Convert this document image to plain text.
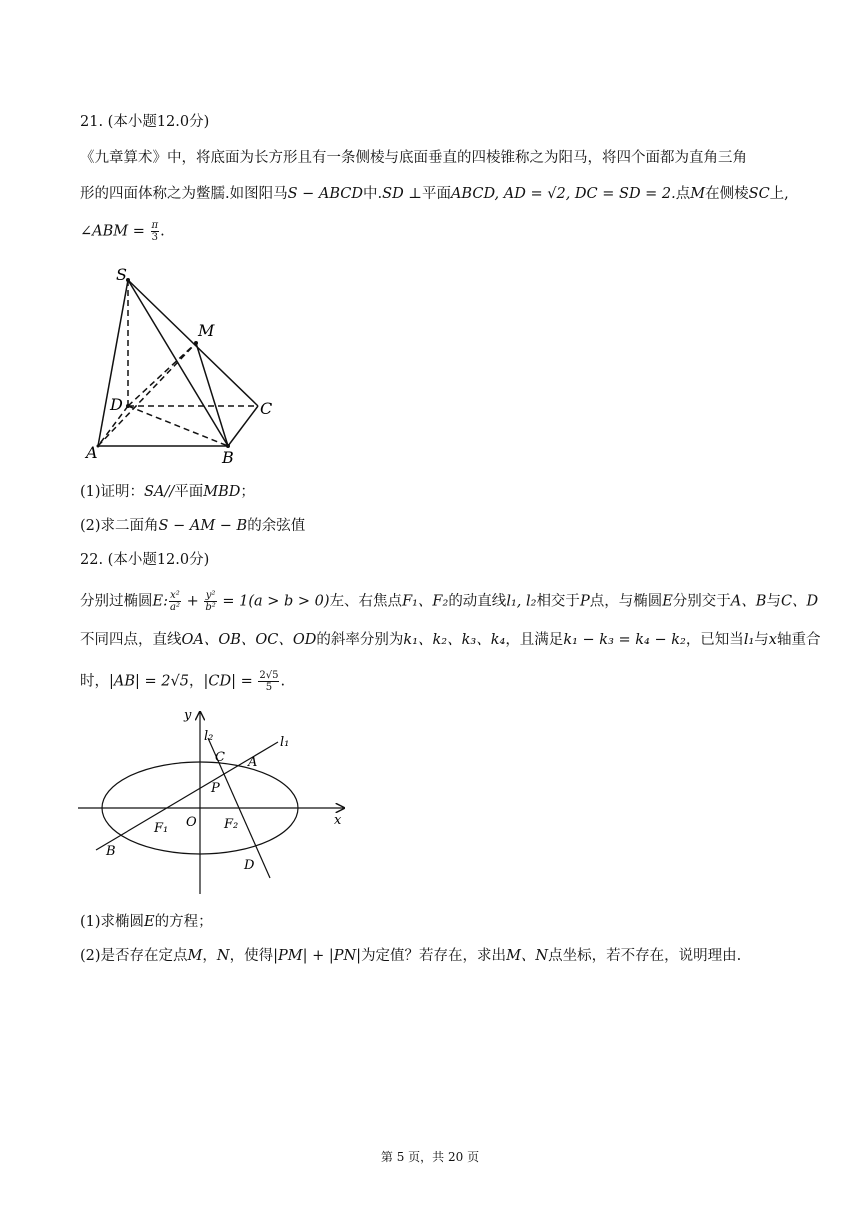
21. (本小题12.0分)
《九章算术》中，将底面为长方形且有一条侧棱与底面垂直的四棱锥称之为阳马，将四个面都为直角三角
形的四面体称之为鳖臑.如图阳马S − ABCD中.SD ⊥平面ABCD, AD = √2, DC = SD = 2.点M在侧棱SC上,
∠ABM = $\frac{\pi}{3}$ .
S
M
D	C
A	B
(1)证明：SA//平面MBD；
(2)求二面角S − AM − B的余弦值
22. (本小题12.0分)
分别过椭圆E: $\frac{\text{x²}}{\text{a²}} + \frac{\text{y²}}{\text{b²}} = 1(a > b > 0)$左、右焦点F₁、F₂的动直线l₁, l₂相交于P点，与椭圆E分别交于A、B与C、D
不同四点，直线OA、OB、OC、OD的斜率分别为k₁、k₂、k₃、k₄，且满足k₁ − k₃ = k₄ − k₂，已知当l₁与x轴重合
时，|AB| = 2√5，$|CD| = \frac{2√5}{5}$ .
y
x
O
l₁
l₂
C A
P
F₁	F₂
B
D
(1)求椭圆E的方程；
(2)是否存在定点M，N，使得|PM| + |PN|为定值？若存在，求出M、N点坐标，若不存在，说明理由.
第 5 页，共 20 页
